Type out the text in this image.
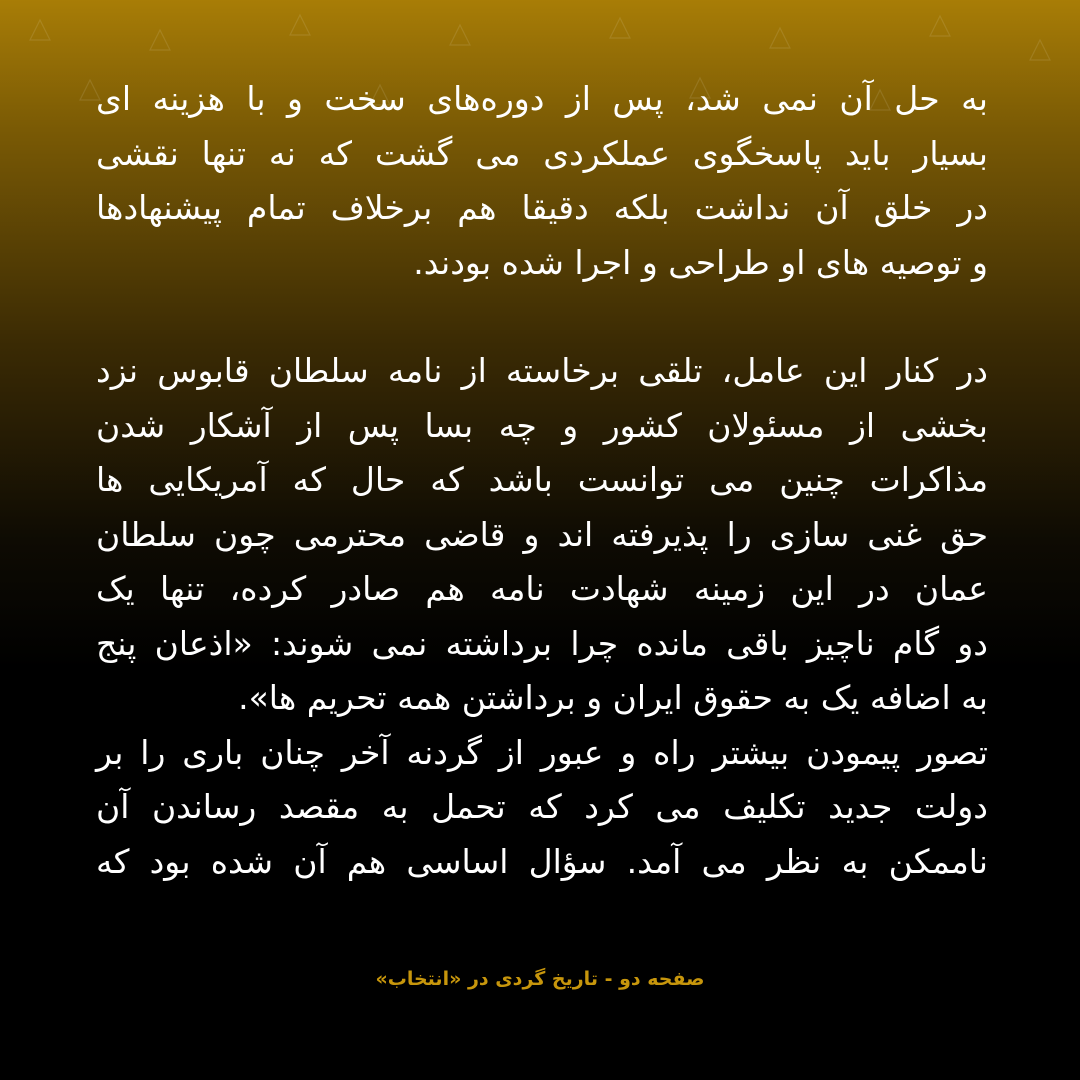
به حل آن نمی شد، پس از دوره‌های سخت و با هزینه ای
بسیار باید پاسخگوی عملکردی می گشت که نه تنها نقشی
در خلق آن نداشت بلکه دقیقا هم برخلاف تمام پیشنهادها
و توصیه های او طراحی و اجرا شده بودند.
در کنار این عامل، تلقی برخاسته از نامه سلطان قابوس نزد
بخشی از مسئولان کشور و چه بسا پس از آشکار شدن
مذاکرات چنین می توانست باشد که حال که آمریکایی ها
حق غنی سازی را پذیرفته اند و قاضی محترمی چون سلطان
عمان در این زمینه شهادت نامه هم صادر کرده، تنها یک
دو گام ناچیز باقی مانده چرا برداشته نمی شوند: «اذعان پنج
به اضافه یک به حقوق ایران و برداشتن همه تحریم ها».
تصور پیمودن بیشتر راه و عبور از گردنه آخر چنان باری را بر
دولت جدید تکلیف می کرد که تحمل به مقصد رساندن آن
ناممکن به نظر می آمد. سؤال اساسی هم آن شده بود که
صفحه دو - تاریخ گردی در «انتخاب»
